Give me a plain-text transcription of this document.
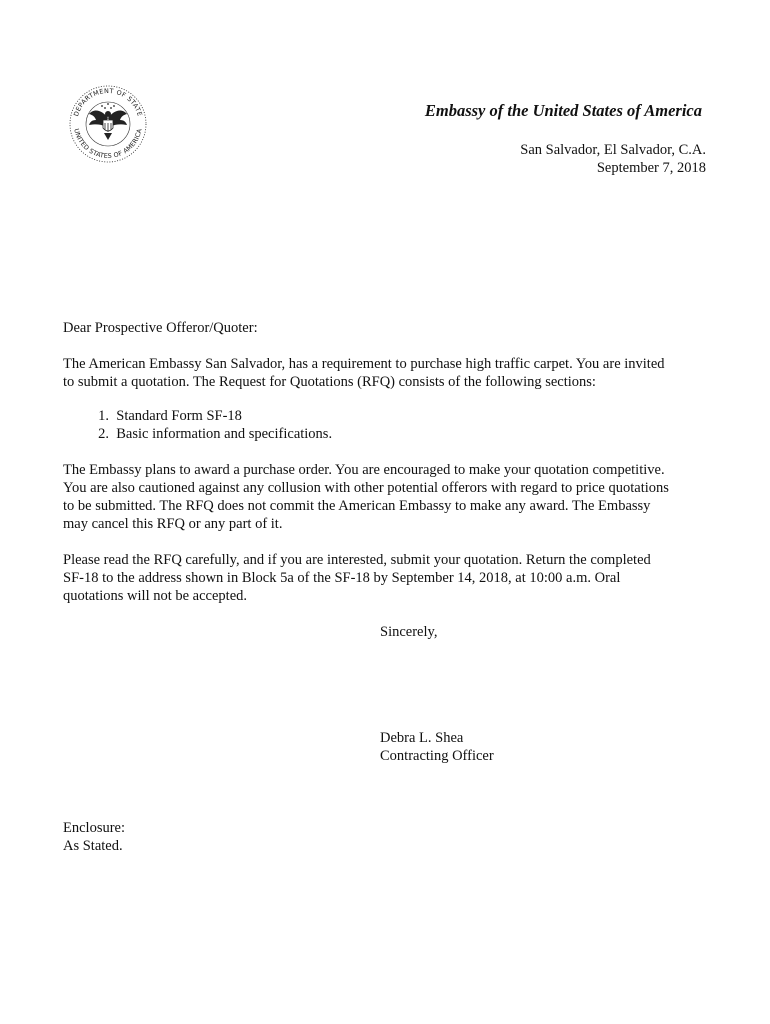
DEPARTMENT OF STATE
UNITED STATES OF AMERICA
Embassy of the United States of America
San Salvador, El Salvador, C.A.
September 7, 2018
Dear Prospective Offeror/Quoter:
The American Embassy San Salvador, has a requirement to purchase high traffic carpet. You are invited
to submit a quotation. The Request for Quotations (RFQ) consists of the following sections:
1. Standard Form SF-18
2. Basic information and specifications.
The Embassy plans to award a purchase order. You are encouraged to make your quotation competitive.
You are also cautioned against any collusion with other potential offerors with regard to price quotations
to be submitted. The RFQ does not commit the American Embassy to make any award. The Embassy
may cancel this RFQ or any part of it.
Please read the RFQ carefully, and if you are interested, submit your quotation. Return the completed
SF-18 to the address shown in Block 5a of the SF-18 by September 14, 2018, at 10:00 a.m. Oral
quotations will not be accepted.
Sincerely,
Debra L. Shea
Contracting Officer
Enclosure:
As Stated.
